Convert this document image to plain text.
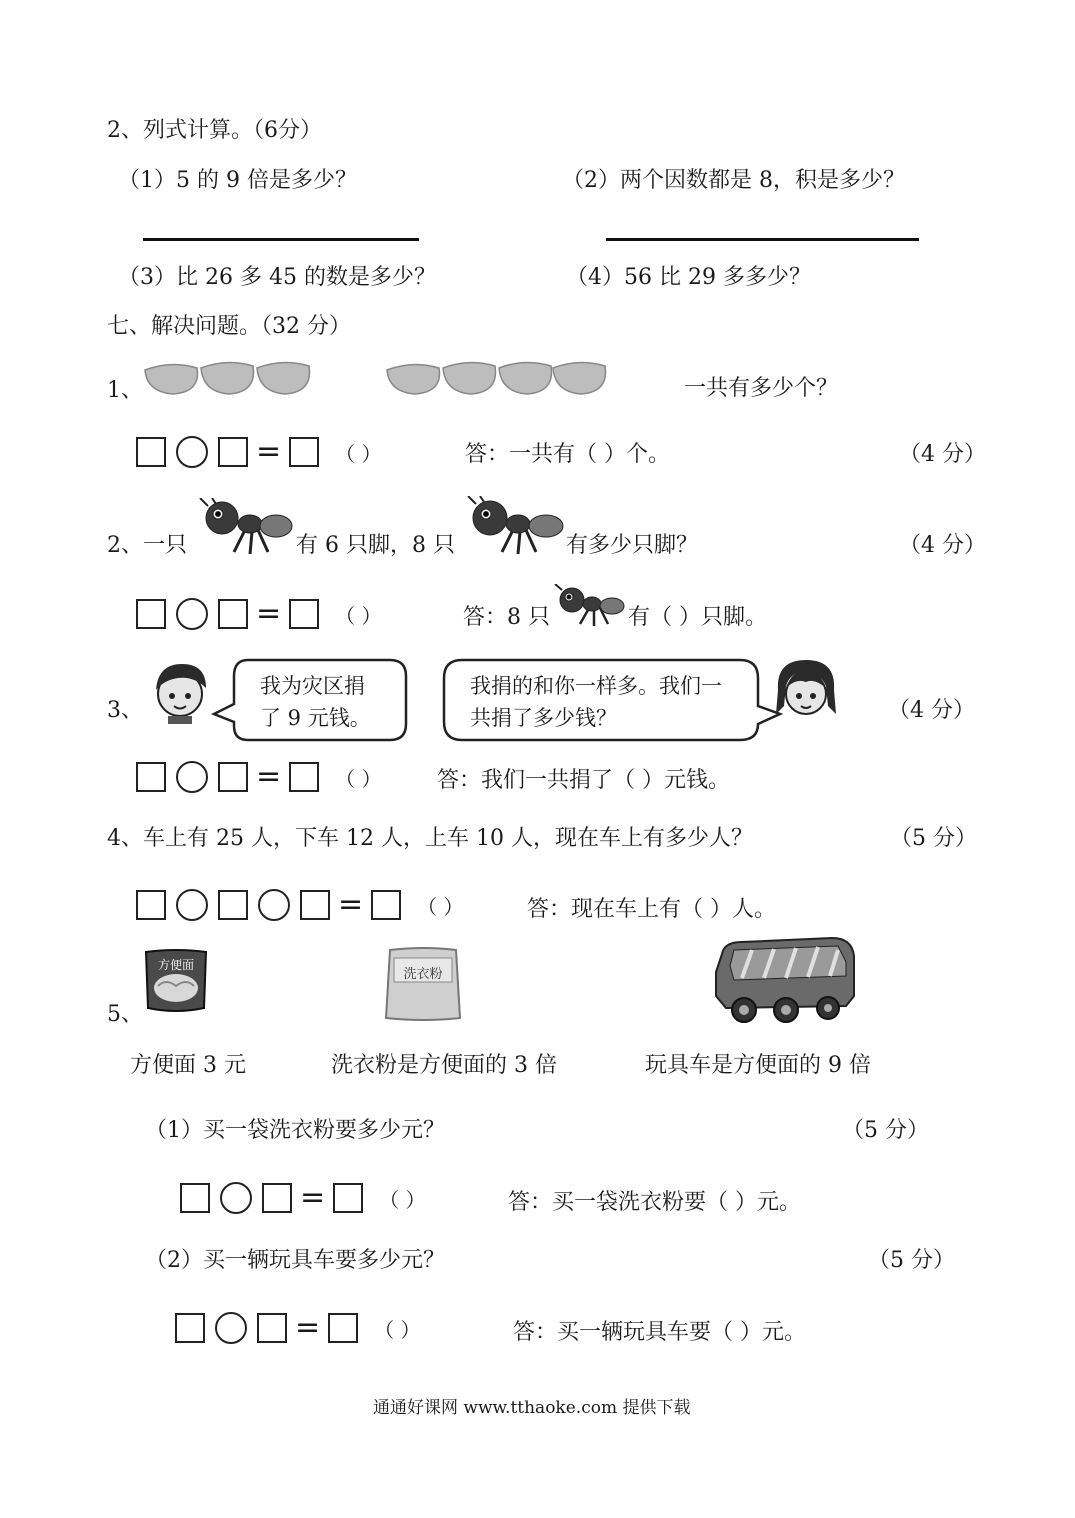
2、列式计算。（6分）
（1）5 的 9 倍是多少？	（2）两个因数都是 8，积是多少？
（3）比 26 多 45 的数是多少？	（4）56 比 29 多多少？
七、解决问题。（32 分）
1、	一共有多少个？
=	（ ）	答：一共有（ ）个。	（4 分）
2、一只	有 6 只脚，8 只	有多少只脚？	（4 分）
=	（ ）	答：8 只	有（ ）只脚。
3、
我为灾区捐
了 9 元钱。
我捐的和你一样多。我们一
共捐了多少钱？	（4 分）
=	（ ）	答：我们一共捐了（ ）元钱。
4、车上有 25 人，下车 12 人，上车 10 人，现在车上有多少人？	（5 分）
=	（ ）	答：现在车上有（ ）人。
5、
方便面
洗衣粉
方便面 3 元	洗衣粉是方便面的 3 倍	玩具车是方便面的 9 倍
（1）买一袋洗衣粉要多少元？	（5 分）
=	（ ）	答：买一袋洗衣粉要（ ）元。
（2）买一辆玩具车要多少元？	（5 分）
=	（ ）	答：买一辆玩具车要（ ）元。
通通好课网 www.tthaoke.com 提供下载
